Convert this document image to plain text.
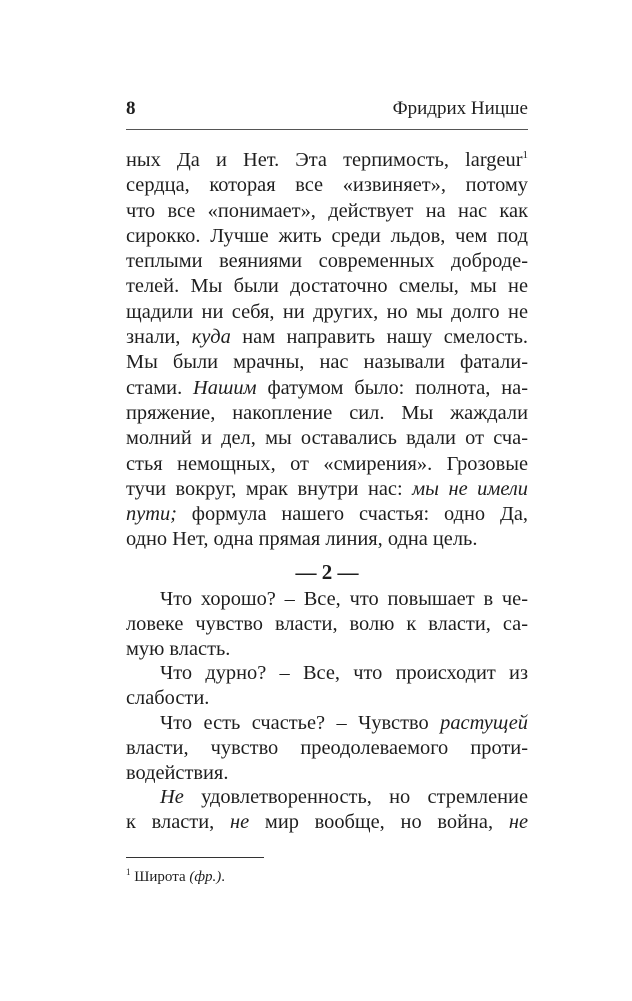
8	Фридрих Ницше
ных Да и Нет. Эта терпимость, largeur$^1$
сердца, которая все «извиняет», потому
что все «понимает», действует на нас как
сирокко. Лучше жить среди льдов, чем под
теплыми веяниями современных доброде-
телей. Мы были достаточно смелы, мы не
щадили ни себя, ни других, но мы долго не
знали, куда нам направить нашу смелость.
Мы были мрачны, нас называли фатали-
стами. Нашим фатумом было: полнота, на-
пряжение, накопление сил. Мы жаждали
молний и дел, мы оставались вдали от сча-
стья немощных, от «смирения». Грозовые
тучи вокруг, мрак внутри нас: мы не имели
пути; формула нашего счастья: одно Да,
одно Нет, одна прямая линия, одна цель.
— 2 —
Что хорошо? – Все, что повышает в че-
ловеке чувство власти, волю к власти, са-
мую власть.
Что дурно? – Все, что происходит из
слабости.
Что есть счастье? – Чувство растущей
власти, чувство преодолеваемого проти-
водействия.
Не удовлетворенность, но стремление
к власти, не мир вообще, но война, не
$^1$ Широта (фр.).
